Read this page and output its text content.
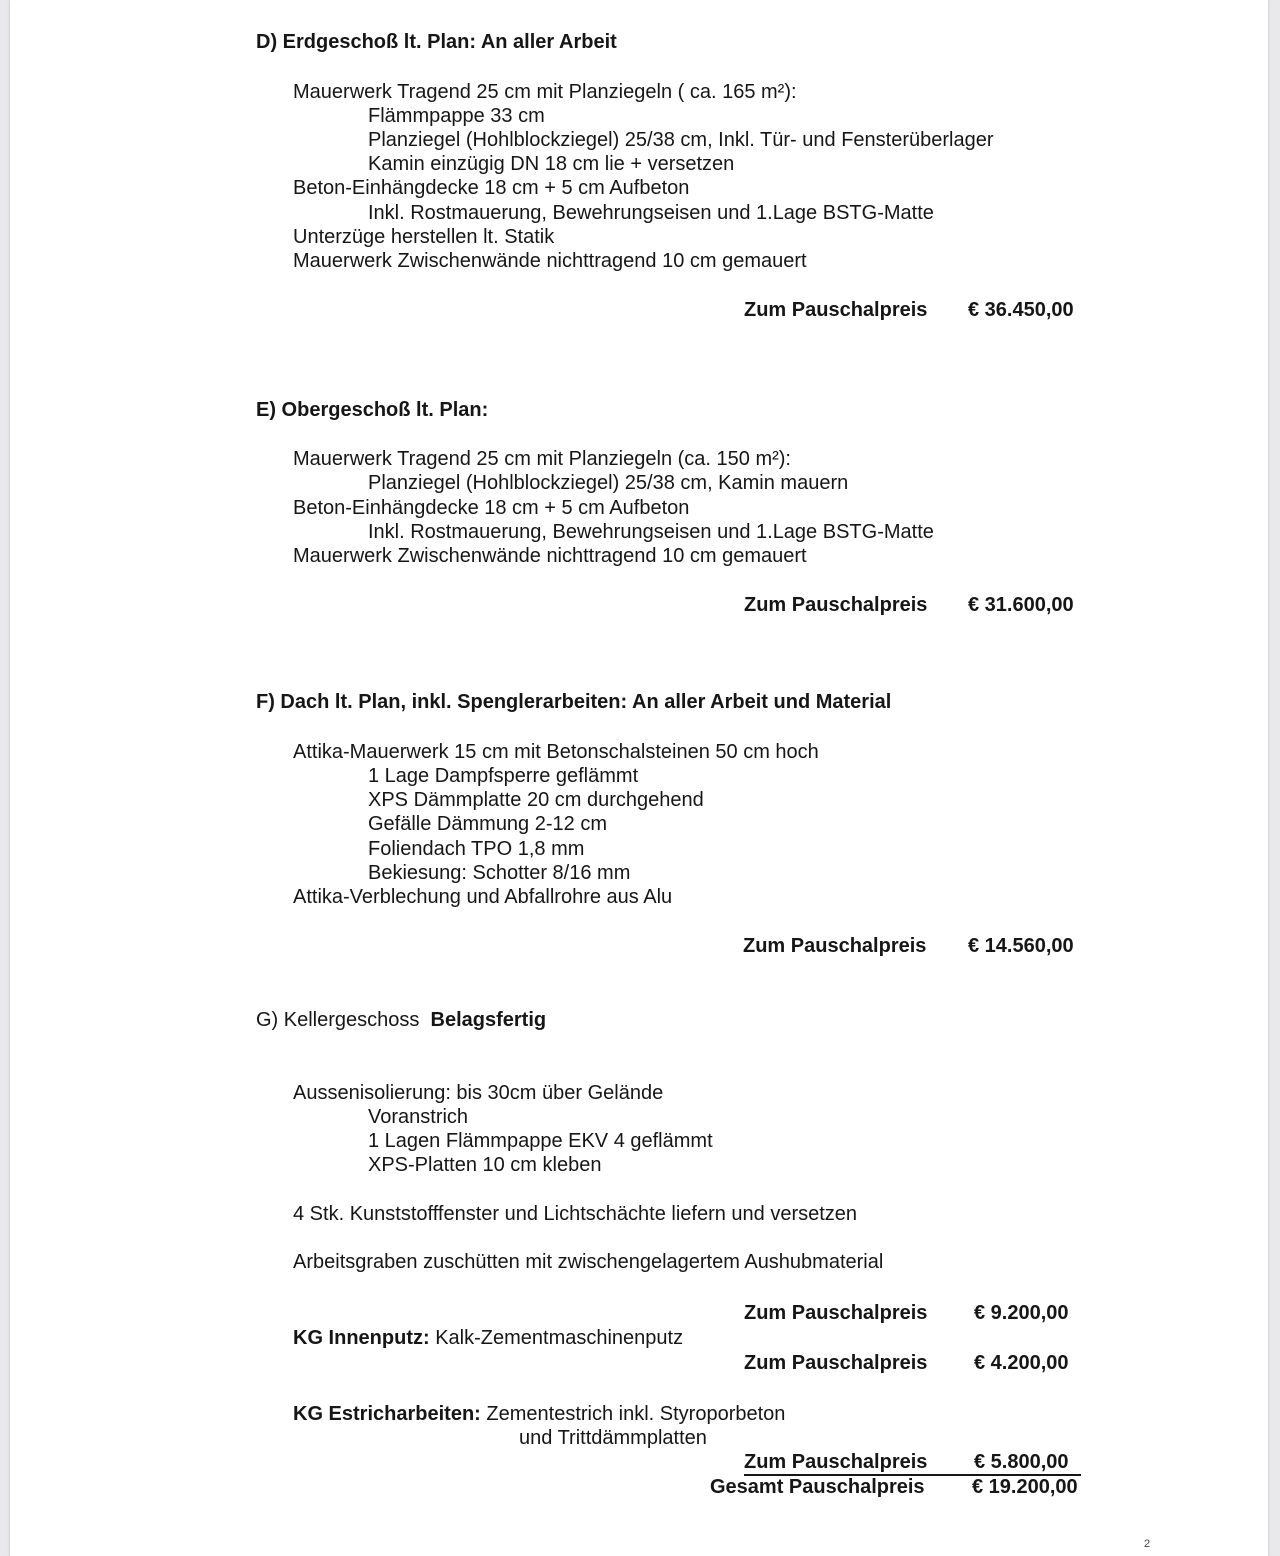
D) Erdgeschoß lt. Plan: An aller Arbeit
Mauerwerk Tragend 25 cm mit Planziegeln ( ca. 165 m²):
Flämmpappe 33 cm
Planziegel (Hohlblockziegel) 25/38 cm, Inkl. Tür- und Fensterüberlager
Kamin einzügig DN 18 cm lie + versetzen
Beton-Einhängdecke 18 cm + 5 cm Aufbeton
Inkl. Rostmauerung, Bewehrungseisen und 1.Lage BSTG-Matte
Unterzüge herstellen lt. Statik
Mauerwerk Zwischenwände nichttragend 10 cm gemauert
Zum Pauschalpreis € 36.450,00
E) Obergeschoß lt. Plan:
Mauerwerk Tragend 25 cm mit Planziegeln (ca. 150 m²):
Planziegel (Hohlblockziegel) 25/38 cm, Kamin mauern
Beton-Einhängdecke 18 cm + 5 cm Aufbeton
Inkl. Rostmauerung, Bewehrungseisen und 1.Lage BSTG-Matte
Mauerwerk Zwischenwände nichttragend 10 cm gemauert
Zum Pauschalpreis € 31.600,00
F) Dach lt. Plan, inkl. Spenglerarbeiten: An aller Arbeit und Material
Attika-Mauerwerk 15 cm mit Betonschalsteinen 50 cm hoch
1 Lage Dampfsperre geflämmt
XPS Dämmplatte 20 cm durchgehend
Gefälle Dämmung 2-12 cm
Foliendach TPO 1,8 mm
Bekiesung: Schotter 8/16 mm
Attika-Verblechung und Abfallrohre aus Alu
Zum Pauschalpreis € 14.560,00
G) Kellergeschoss Belagsfertig
Aussenisolierung: bis 30cm über Gelände
Voranstrich
1 Lagen Flämmpappe EKV 4 geflämmt
XPS-Platten 10 cm kleben
4 Stk. Kunststofffenster und Lichtschächte liefern und versetzen
Arbeitsgraben zuschütten mit zwischengelagertem Aushubmaterial
Zum Pauschalpreis € 9.200,00
KG Innenputz: Kalk-Zementmaschinenputz
Zum Pauschalpreis € 4.200,00
KG Estricharbeiten: Zementestrich inkl. Styroporbeton
und Trittdämmplatten
Zum Pauschalpreis € 5.800,00
Gesamt Pauschalpreis € 19.200,00
2
